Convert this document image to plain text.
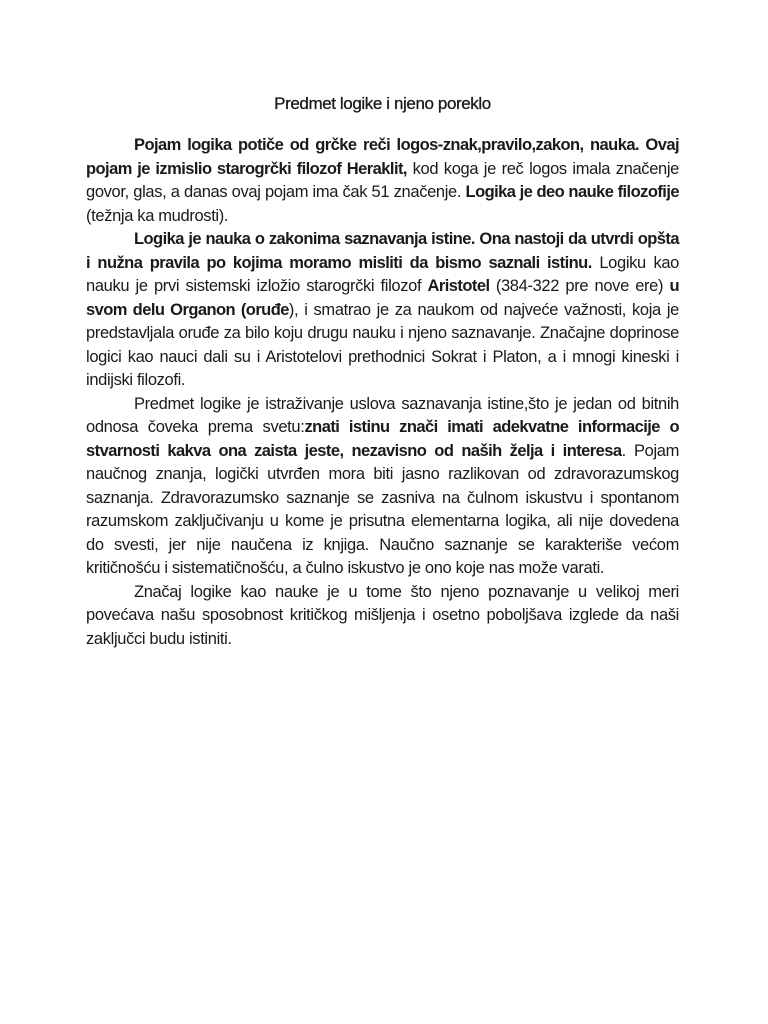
Predmet logike i njeno poreklo

Pojam logika potiče od grčke reči logos-znak,pravilo,zakon, nauka. Ovaj pojam je izmislio starogrčki filozof Heraklit, kod koga je reč logos imala značenje govor, glas, a danas ovaj pojam ima čak 51 značenje. Logika je deo nauke filozofije (težnja ka mudrosti).

Logika je nauka o zakonima saznavanja istine. Ona nastoji da utvrdi opšta i nužna pravila po kojima moramo misliti da bismo saznali istinu. Logiku kao nauku je prvi sistemski izložio starogrčki filozof Aristotel (384-322 pre nove ere) u svom delu Organon (oruđe), i smatrao je za naukom od najveće važnosti, koja je predstavljala oruđe za bilo koju drugu nauku i njeno saznavanje. Značajne doprinose logici kao nauci dali su i Aristotelovi prethodnici Sokrat i Platon, a i mnogi kineski i indijski filozofi.

Predmet logike je istraživanje uslova saznavanja istine,što je jedan od bitnih odnosa čoveka prema svetu:znati istinu znači imati adekvatne informacije o stvarnosti kakva ona zaista jeste, nezavisno od naših želja i interesa. Pojam naučnog znanja, logički utvrđen mora biti jasno razlikovan od zdravorazumskog saznanja. Zdravorazumsko saznanje se zasniva na čulnom iskustvu i spontanom razumskom zaključivanju u kome je prisutna elementarna logika, ali nije dovedena do svesti, jer nije naučena iz knjiga. Naučno saznanje se karakteriše većom kritičnošću i sistematičnošću, a čulno iskustvo je ono koje nas može varati.

Značaj logike kao nauke je u tome što njeno poznavanje u velikoj meri povećava našu sposobnost kritičkog mišljenja i osetno poboljšava izglede da naši zaključci budu istiniti.
